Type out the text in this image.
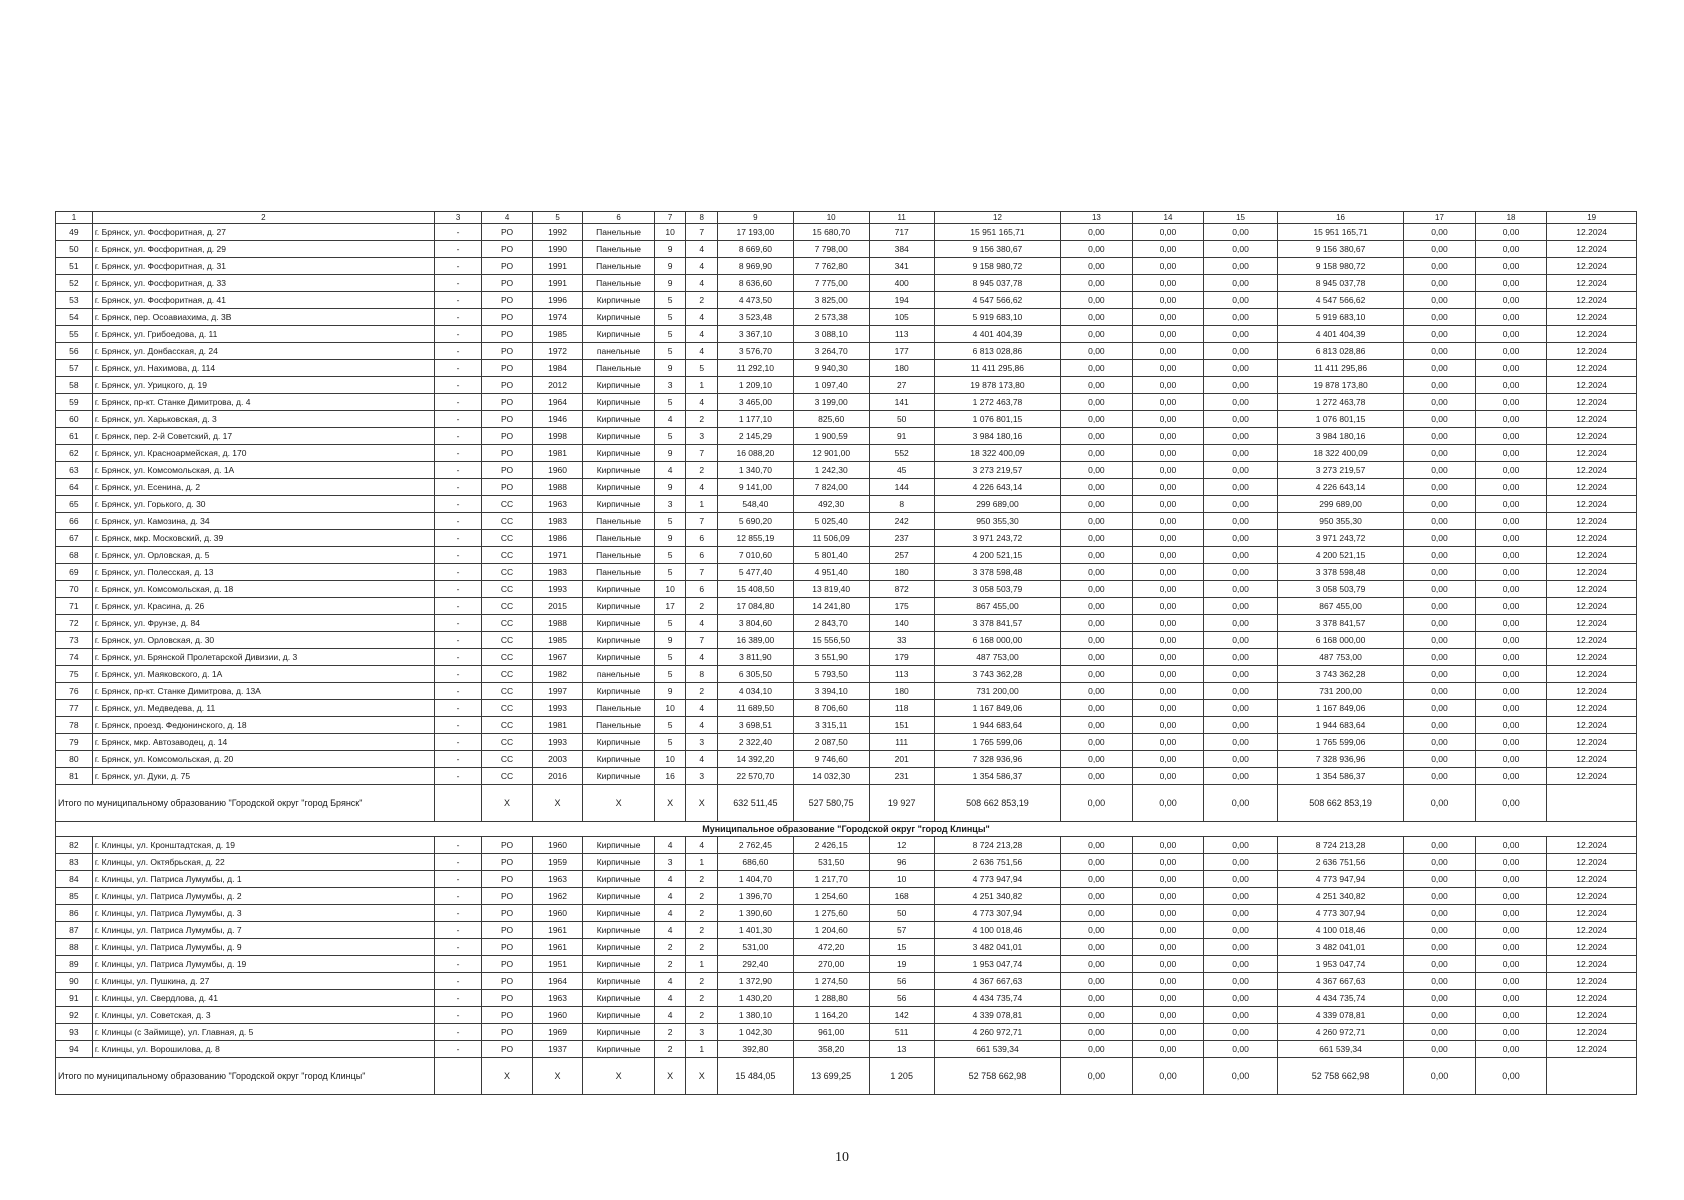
1	2	3	4	5	6	7	8	9	10	11	12	13	14	15	16	17	18	19
49	г. Брянск, ул. Фосфоритная, д. 27	-	РО	1992	Панельные	10	7	17 193,00	15 680,70	717	15 951 165,71	0,00	0,00	0,00	15 951 165,71	0,00	0,00	12.2024
50	г. Брянск, ул. Фосфоритная, д. 29	-	РО	1990	Панельные	9	4	8 669,60	7 798,00	384	9 156 380,67	0,00	0,00	0,00	9 156 380,67	0,00	0,00	12.2024
51	г. Брянск, ул. Фосфоритная, д. 31	-	РО	1991	Панельные	9	4	8 969,90	7 762,80	341	9 158 980,72	0,00	0,00	0,00	9 158 980,72	0,00	0,00	12.2024
52	г. Брянск, ул. Фосфоритная, д. 33	-	РО	1991	Панельные	9	4	8 636,60	7 775,00	400	8 945 037,78	0,00	0,00	0,00	8 945 037,78	0,00	0,00	12.2024
53	г. Брянск, ул. Фосфоритная, д. 41	-	РО	1996	Кирпичные	5	2	4 473,50	3 825,00	194	4 547 566,62	0,00	0,00	0,00	4 547 566,62	0,00	0,00	12.2024
54	г. Брянск, пер. Осоавиахима, д. 3В	-	РО	1974	Кирпичные	5	4	3 523,48	2 573,38	105	5 919 683,10	0,00	0,00	0,00	5 919 683,10	0,00	0,00	12.2024
55	г. Брянск, ул. Грибоедова, д. 11	-	РО	1985	Кирпичные	5	4	3 367,10	3 088,10	113	4 401 404,39	0,00	0,00	0,00	4 401 404,39	0,00	0,00	12.2024
56	г. Брянск, ул. Донбасская, д. 24	-	РО	1972	панельные	5	4	3 576,70	3 264,70	177	6 813 028,86	0,00	0,00	0,00	6 813 028,86	0,00	0,00	12.2024
57	г. Брянск, ул. Нахимова, д. 114	-	РО	1984	Панельные	9	5	11 292,10	9 940,30	180	11 411 295,86	0,00	0,00	0,00	11 411 295,86	0,00	0,00	12.2024
58	г. Брянск, ул. Урицкого, д. 19	-	РО	2012	Кирпичные	3	1	1 209,10	1 097,40	27	19 878 173,80	0,00	0,00	0,00	19 878 173,80	0,00	0,00	12.2024
59	г. Брянск, пр-кт. Станке Димитрова, д. 4	-	РО	1964	Кирпичные	5	4	3 465,00	3 199,00	141	1 272 463,78	0,00	0,00	0,00	1 272 463,78	0,00	0,00	12.2024
60	г. Брянск, ул. Харьковская, д. 3	-	РО	1946	Кирпичные	4	2	1 177,10	825,60	50	1 076 801,15	0,00	0,00	0,00	1 076 801,15	0,00	0,00	12.2024
61	г. Брянск, пер. 2-й Советский, д. 17	-	РО	1998	Кирпичные	5	3	2 145,29	1 900,59	91	3 984 180,16	0,00	0,00	0,00	3 984 180,16	0,00	0,00	12.2024
62	г. Брянск, ул. Красноармейская, д. 170	-	РО	1981	Кирпичные	9	7	16 088,20	12 901,00	552	18 322 400,09	0,00	0,00	0,00	18 322 400,09	0,00	0,00	12.2024
63	г. Брянск, ул. Комсомольская, д. 1А	-	РО	1960	Кирпичные	4	2	1 340,70	1 242,30	45	3 273 219,57	0,00	0,00	0,00	3 273 219,57	0,00	0,00	12.2024
64	г. Брянск, ул. Есенина, д. 2	-	РО	1988	Кирпичные	9	4	9 141,00	7 824,00	144	4 226 643,14	0,00	0,00	0,00	4 226 643,14	0,00	0,00	12.2024
65	г. Брянск, ул. Горького, д. 30	-	СС	1963	Кирпичные	3	1	548,40	492,30	8	299 689,00	0,00	0,00	0,00	299 689,00	0,00	0,00	12.2024
66	г. Брянск, ул. Камозина, д. 34	-	СС	1983	Панельные	5	7	5 690,20	5 025,40	242	950 355,30	0,00	0,00	0,00	950 355,30	0,00	0,00	12.2024
67	г. Брянск, мкр. Московский, д. 39	-	СС	1986	Панельные	9	6	12 855,19	11 506,09	237	3 971 243,72	0,00	0,00	0,00	3 971 243,72	0,00	0,00	12.2024
68	г. Брянск, ул. Орловская, д. 5	-	СС	1971	Панельные	5	6	7 010,60	5 801,40	257	4 200 521,15	0,00	0,00	0,00	4 200 521,15	0,00	0,00	12.2024
69	г. Брянск, ул. Полесская, д. 13	-	СС	1983	Панельные	5	7	5 477,40	4 951,40	180	3 378 598,48	0,00	0,00	0,00	3 378 598,48	0,00	0,00	12.2024
70	г. Брянск, ул. Комсомольская, д. 18	-	СС	1993	Кирпичные	10	6	15 408,50	13 819,40	872	3 058 503,79	0,00	0,00	0,00	3 058 503,79	0,00	0,00	12.2024
71	г. Брянск, ул. Красина, д. 26	-	СС	2015	Кирпичные	17	2	17 084,80	14 241,80	175	867 455,00	0,00	0,00	0,00	867 455,00	0,00	0,00	12.2024
72	г. Брянск, ул. Фрунзе, д. 84	-	СС	1988	Кирпичные	5	4	3 804,60	2 843,70	140	3 378 841,57	0,00	0,00	0,00	3 378 841,57	0,00	0,00	12.2024
73	г. Брянск, ул. Орловская, д. 30	-	СС	1985	Кирпичные	9	7	16 389,00	15 556,50	33	6 168 000,00	0,00	0,00	0,00	6 168 000,00	0,00	0,00	12.2024
74	г. Брянск, ул. Брянской Пролетарской Дивизии, д. 3	-	СС	1967	Кирпичные	5	4	3 811,90	3 551,90	179	487 753,00	0,00	0,00	0,00	487 753,00	0,00	0,00	12.2024
75	г. Брянск, ул. Маяковского, д. 1А	-	СС	1982	панельные	5	8	6 305,50	5 793,50	113	3 743 362,28	0,00	0,00	0,00	3 743 362,28	0,00	0,00	12.2024
76	г. Брянск, пр-кт. Станке Димитрова, д. 13А	-	СС	1997	Кирпичные	9	2	4 034,10	3 394,10	180	731 200,00	0,00	0,00	0,00	731 200,00	0,00	0,00	12.2024
77	г. Брянск, ул. Медведева, д. 11	-	СС	1993	Панельные	10	4	11 689,50	8 706,60	118	1 167 849,06	0,00	0,00	0,00	1 167 849,06	0,00	0,00	12.2024
78	г. Брянск, проезд. Федюнинского, д. 18	-	СС	1981	Панельные	5	4	3 698,51	3 315,11	151	1 944 683,64	0,00	0,00	0,00	1 944 683,64	0,00	0,00	12.2024
79	г. Брянск, мкр. Автозаводец, д. 14	-	СС	1993	Кирпичные	5	3	2 322,40	2 087,50	111	1 765 599,06	0,00	0,00	0,00	1 765 599,06	0,00	0,00	12.2024
80	г. Брянск, ул. Комсомольская, д. 20	-	СС	2003	Кирпичные	10	4	14 392,20	9 746,60	201	7 328 936,96	0,00	0,00	0,00	7 328 936,96	0,00	0,00	12.2024
81	г. Брянск, ул. Дуки, д. 75	-	СС	2016	Кирпичные	16	3	22 570,70	14 032,30	231	1 354 586,37	0,00	0,00	0,00	1 354 586,37	0,00	0,00	12.2024
Итого по муниципальному образованию "Городской округ "город Брянск"			Х	Х	Х	Х	Х	632 511,45	527 580,75	19 927	508 662 853,19	0,00	0,00	0,00	508 662 853,19	0,00	0,00	
Муниципальное образование "Городской округ "город Клинцы"																		
82	г. Клинцы, ул. Кронштадтская, д. 19	-	РО	1960	Кирпичные	4	4	2 762,45	2 426,15	12	8 724 213,28	0,00	0,00	0,00	8 724 213,28	0,00	0,00	12.2024
83	г. Клинцы, ул. Октябрьская, д. 22	-	РО	1959	Кирпичные	3	1	686,60	531,50	96	2 636 751,56	0,00	0,00	0,00	2 636 751,56	0,00	0,00	12.2024
84	г. Клинцы, ул. Патриса Лумумбы, д. 1	-	РО	1963	Кирпичные	4	2	1 404,70	1 217,70	10	4 773 947,94	0,00	0,00	0,00	4 773 947,94	0,00	0,00	12.2024
85	г. Клинцы, ул. Патриса Лумумбы, д. 2	-	РО	1962	Кирпичные	4	2	1 396,70	1 254,60	168	4 251 340,82	0,00	0,00	0,00	4 251 340,82	0,00	0,00	12.2024
86	г. Клинцы, ул. Патриса Лумумбы, д. 3	-	РО	1960	Кирпичные	4	2	1 390,60	1 275,60	50	4 773 307,94	0,00	0,00	0,00	4 773 307,94	0,00	0,00	12.2024
87	г. Клинцы, ул. Патриса Лумумбы, д. 7	-	РО	1961	Кирпичные	4	2	1 401,30	1 204,60	57	4 100 018,46	0,00	0,00	0,00	4 100 018,46	0,00	0,00	12.2024
88	г. Клинцы, ул. Патриса Лумумбы, д. 9	-	РО	1961	Кирпичные	2	2	531,00	472,20	15	3 482 041,01	0,00	0,00	0,00	3 482 041,01	0,00	0,00	12.2024
89	г. Клинцы, ул. Патриса Лумумбы, д. 19	-	РО	1951	Кирпичные	2	1	292,40	270,00	19	1 953 047,74	0,00	0,00	0,00	1 953 047,74	0,00	0,00	12.2024
90	г. Клинцы, ул. Пушкина, д. 27	-	РО	1964	Кирпичные	4	2	1 372,90	1 274,50	56	4 367 667,63	0,00	0,00	0,00	4 367 667,63	0,00	0,00	12.2024
91	г. Клинцы, ул. Свердлова, д. 41	-	РО	1963	Кирпичные	4	2	1 430,20	1 288,80	56	4 434 735,74	0,00	0,00	0,00	4 434 735,74	0,00	0,00	12.2024
92	г. Клинцы, ул. Советская, д. 3	-	РО	1960	Кирпичные	4	2	1 380,10	1 164,20	142	4 339 078,81	0,00	0,00	0,00	4 339 078,81	0,00	0,00	12.2024
93	г. Клинцы (с Займище), ул. Главная, д. 5	-	РО	1969	Кирпичные	2	3	1 042,30	961,00	511	4 260 972,71	0,00	0,00	0,00	4 260 972,71	0,00	0,00	12.2024
94	г. Клинцы, ул. Ворошилова, д. 8	-	РО	1937	Кирпичные	2	1	392,80	358,20	13	661 539,34	0,00	0,00	0,00	661 539,34	0,00	0,00	12.2024
Итого по муниципальному образованию "Городской округ "город Клинцы"			Х	Х	Х	Х	Х	15 484,05	13 699,25	1 205	52 758 662,98	0,00	0,00	0,00	52 758 662,98	0,00	0,00	
10
